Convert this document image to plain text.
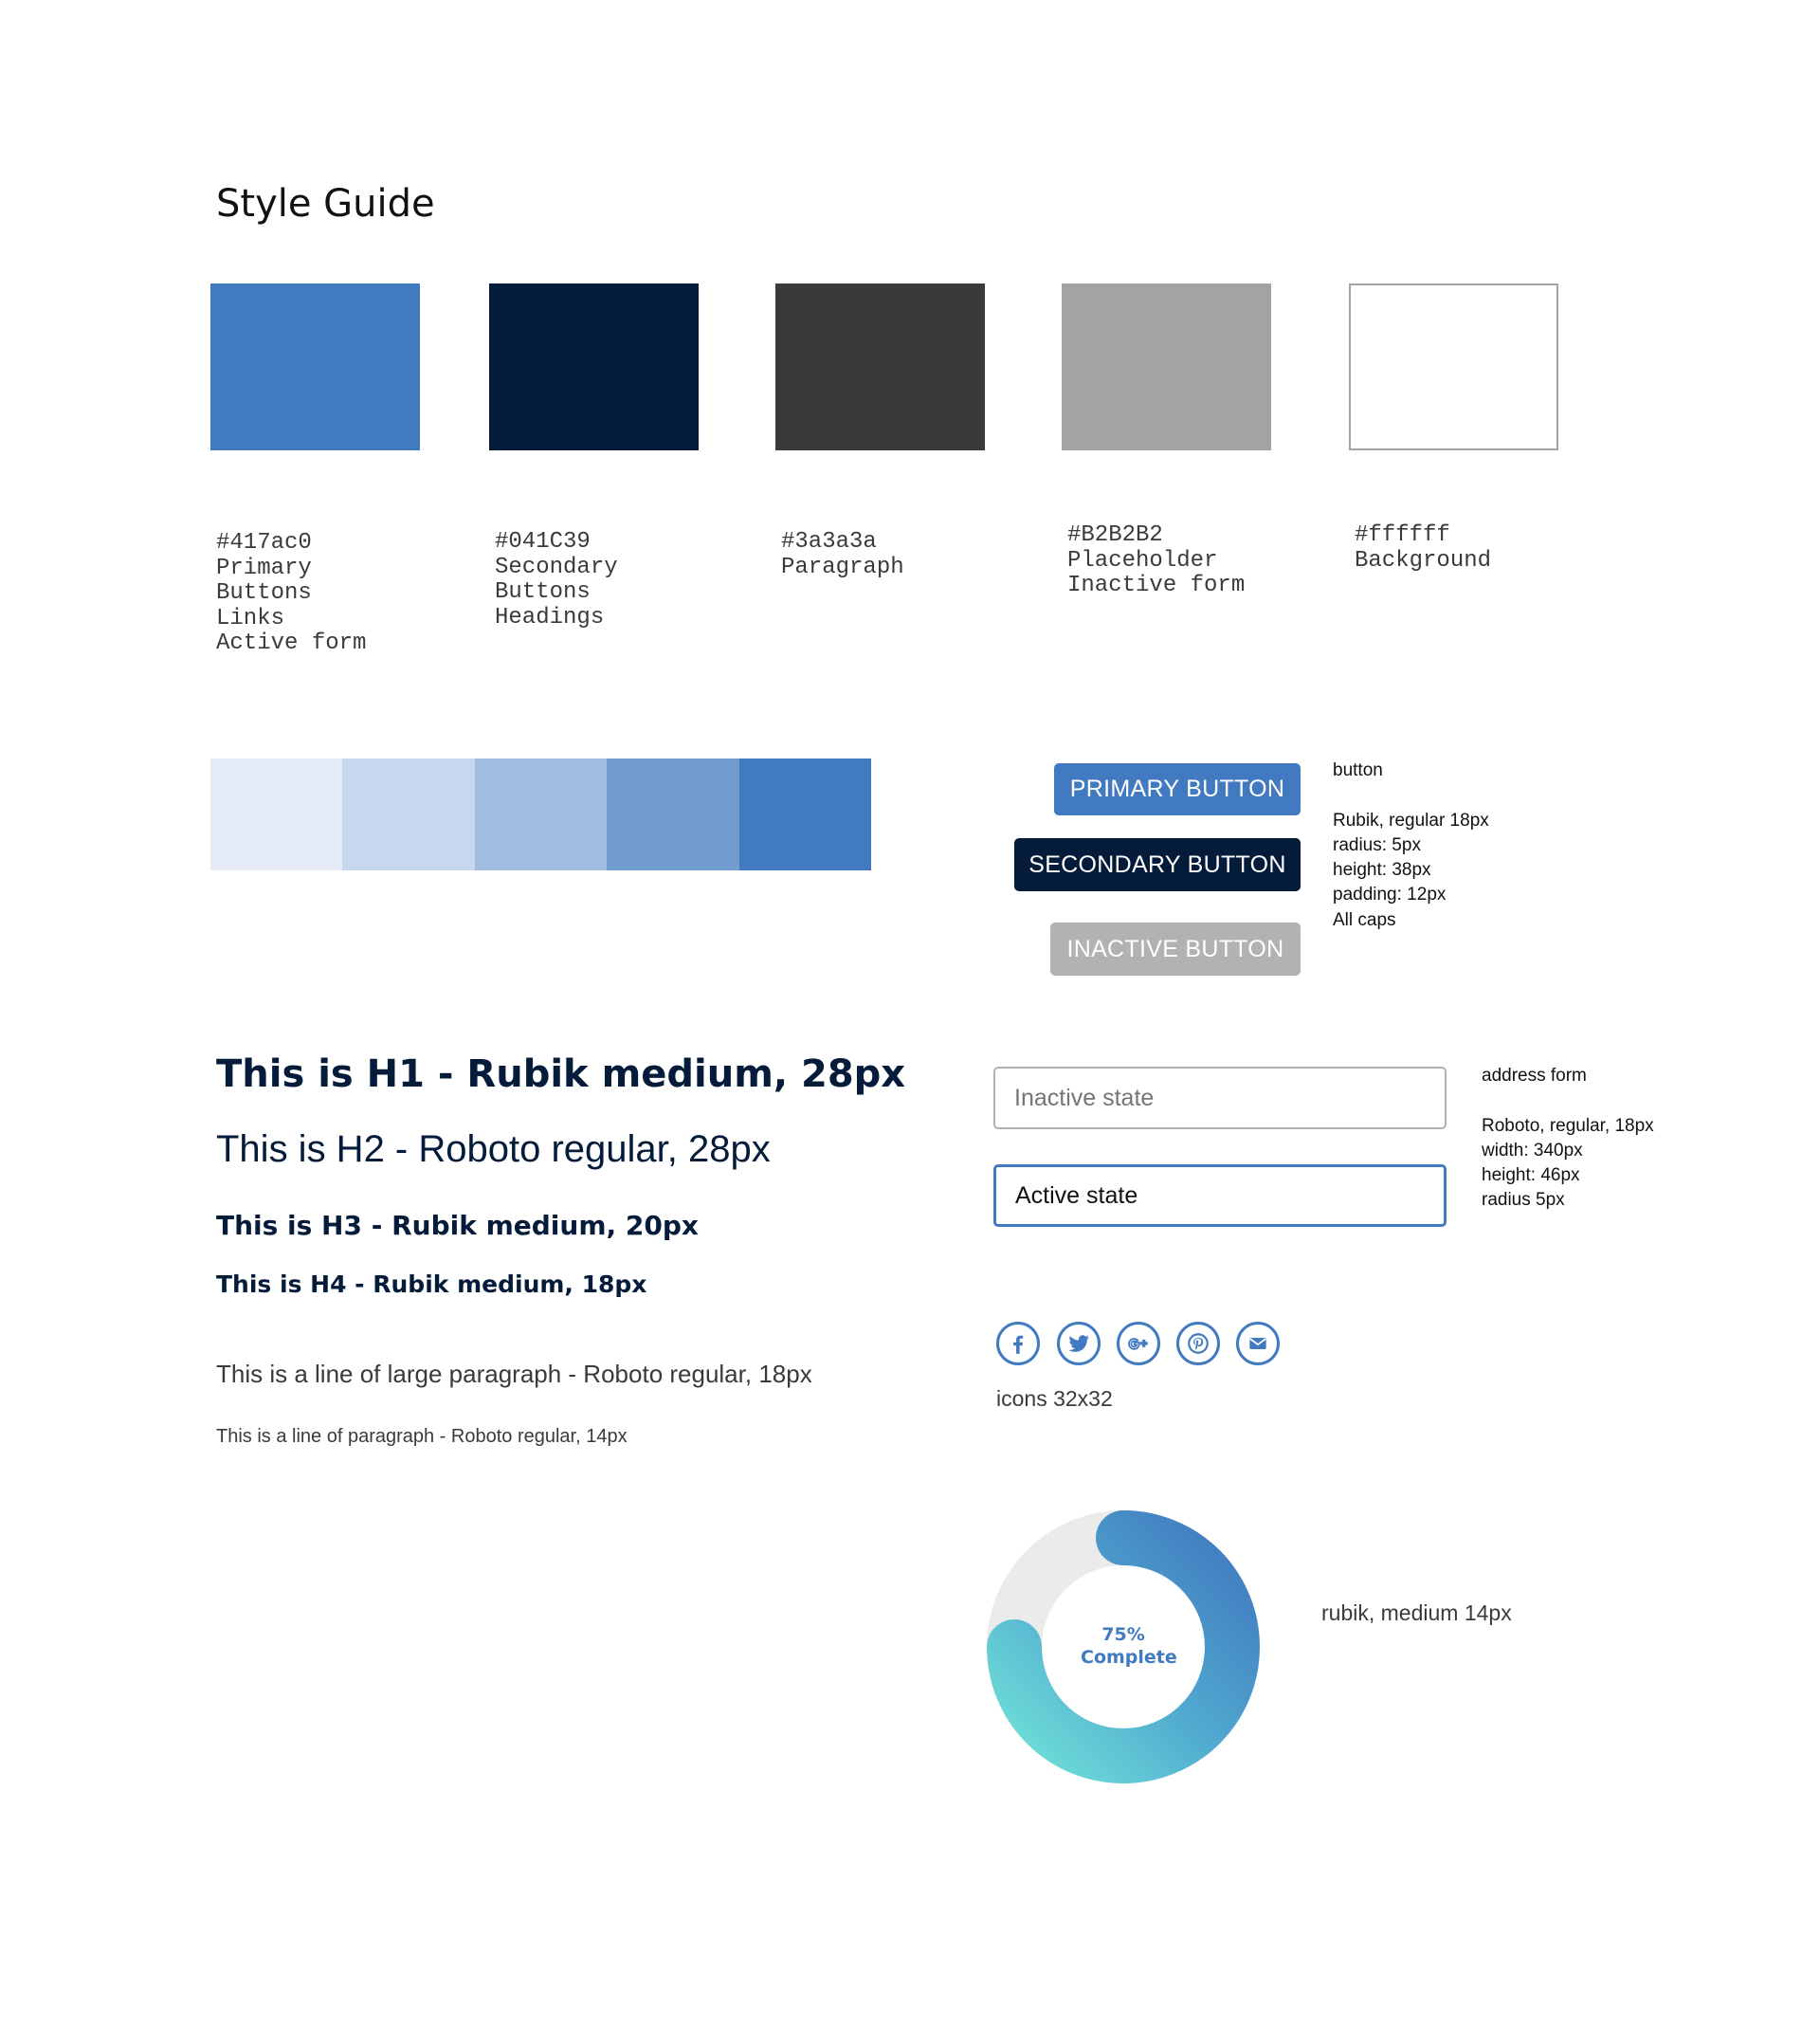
Style Guide

#417ac0
Primary
Buttons
Links
Active form

#041C39
Secondary
Buttons
Headings

#3a3a3a
Paragraph

#B2B2B2
Placeholder
Inactive form

#ffffff
Background

PRIMARY BUTTON
SECONDARY BUTTON
INACTIVE BUTTON
button

Rubik, regular 18px
radius: 5px
height: 38px
padding: 12px
All caps
This is H1 - Rubik medium, 28px
This is H2 - Roboto regular, 28px
This is H3 - Rubik medium, 20px
This is H4 - Rubik medium, 18px
This is a line of large paragraph - Roboto regular, 18px
This is a line of paragraph - Roboto regular, 14px
Inactive state
Active state
address form

Roboto, regular, 18px
width: 340px
height: 46px
radius 5px
icons 32x32
75%
Complete
rubik, medium 14px
